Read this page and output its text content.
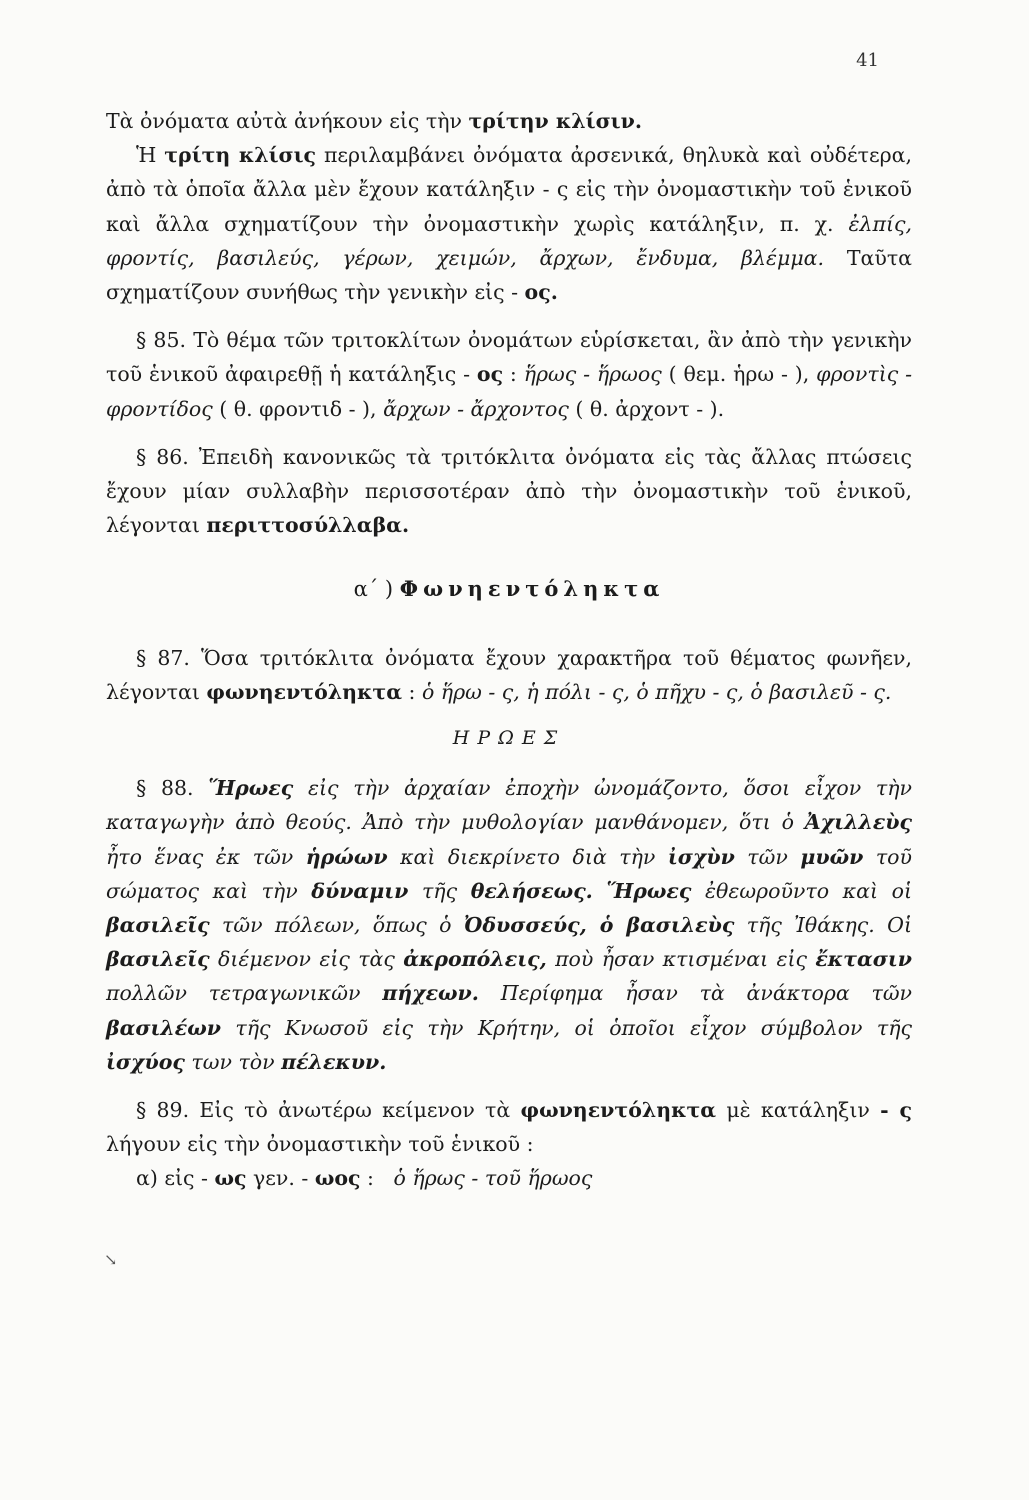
41
↘

Τὰ ὀνόματα αὐτὰ ἀνήκουν εἰς τὴν τρίτην κλίσιν.

Ἡ τρίτη κλίσις περιλαμβάνει ὀνόματα ἀρσενικά, θηλυκὰ καὶ οὐδέτερα, ἀπὸ τὰ ὁποῖα ἄλλα μὲν ἔχουν κατάληξιν - ς εἰς τὴν ὀνομαστικὴν τοῦ ἑνικοῦ καὶ ἄλλα σχηματίζουν τὴν ὀνομαστικὴν χωρὶς κατάληξιν, π. χ. ἐλπίς, φροντίς, βασιλεύς, γέρων, χειμών, ἄρχων, ἔνδυμα, βλέμμα. Ταῦτα σχηματίζουν συνήθως τὴν γενικὴν εἰς - ος.

§ 85. Τὸ θέμα τῶν τριτοκλίτων ὀνομάτων εὑρίσκεται, ἂν ἀπὸ τὴν γενικὴν τοῦ ἑνικοῦ ἀφαιρεθῇ ἡ κατάληξις - ος : ἥρως - ἥρωος ( θεμ. ἡρω - ), φροντὶς - φροντίδος ( θ. φροντιδ - ), ἄρχων - ἄρχοντος ( θ. ἀρχοντ - ).

§ 86. Ἐπειδὴ κανονικῶς τὰ τριτόκλιτα ὀνόματα εἰς τὰς ἄλλας πτώσεις ἔχουν μίαν συλλαβὴν περισσοτέραν ἀπὸ τὴν ὀνομαστικὴν τοῦ ἑνικοῦ, λέγονται περιττοσύλλαβα.

α΄ ) Φωνηεντόληκτα

§ 87. Ὅσα τριτόκλιτα ὀνόματα ἔχουν χαρακτῆρα τοῦ θέματος φωνῆεν, λέγονται φωνηεντόληκτα : ὁ ἥρω - ς, ἡ πόλι - ς, ὁ πῆχυ - ς, ὁ βασιλεῦ - ς.

ΗΡΩΕΣ

§ 88. Ἥρωες εἰς τὴν ἀρχαίαν ἐποχὴν ὠνομάζοντο, ὅσοι εἶχον τὴν καταγωγὴν ἀπὸ θεούς. Ἀπὸ τὴν μυθολογίαν μανθάνομεν, ὅτι ὁ Ἀχιλλεὺς ἦτο ἕνας ἐκ τῶν ἡρώων καὶ διεκρίνετο διὰ τὴν ἰσχὺν τῶν μυῶν τοῦ σώματος καὶ τὴν δύναμιν τῆς θελήσεως. Ἥρωες ἐθεωροῦντο καὶ οἱ βασιλεῖς τῶν πόλεων, ὅπως ὁ Ὀδυσσεύς, ὁ βασιλεὺς τῆς Ἰθάκης. Οἱ βασιλεῖς διέμενον εἰς τὰς ἀκροπόλεις, ποὺ ἦσαν κτισμέναι εἰς ἔκτασιν πολλῶν τετραγωνικῶν πήχεων. Περίφημα ἦσαν τὰ ἀνάκτορα τῶν βασιλέων τῆς Κνωσοῦ εἰς τὴν Κρήτην, οἱ ὁποῖοι εἶχον σύμβολον τῆς ἰσχύος των τὸν πέλεκυν.

§ 89. Εἰς τὸ ἀνωτέρω κείμενον τὰ φωνηεντόληκτα μὲ κατάληξιν - ς λήγουν εἰς τὴν ὀνομαστικὴν τοῦ ἑνικοῦ :

α) εἰς - ως γεν. - ωος :   ὁ ἥρως - τοῦ ἥρωος
